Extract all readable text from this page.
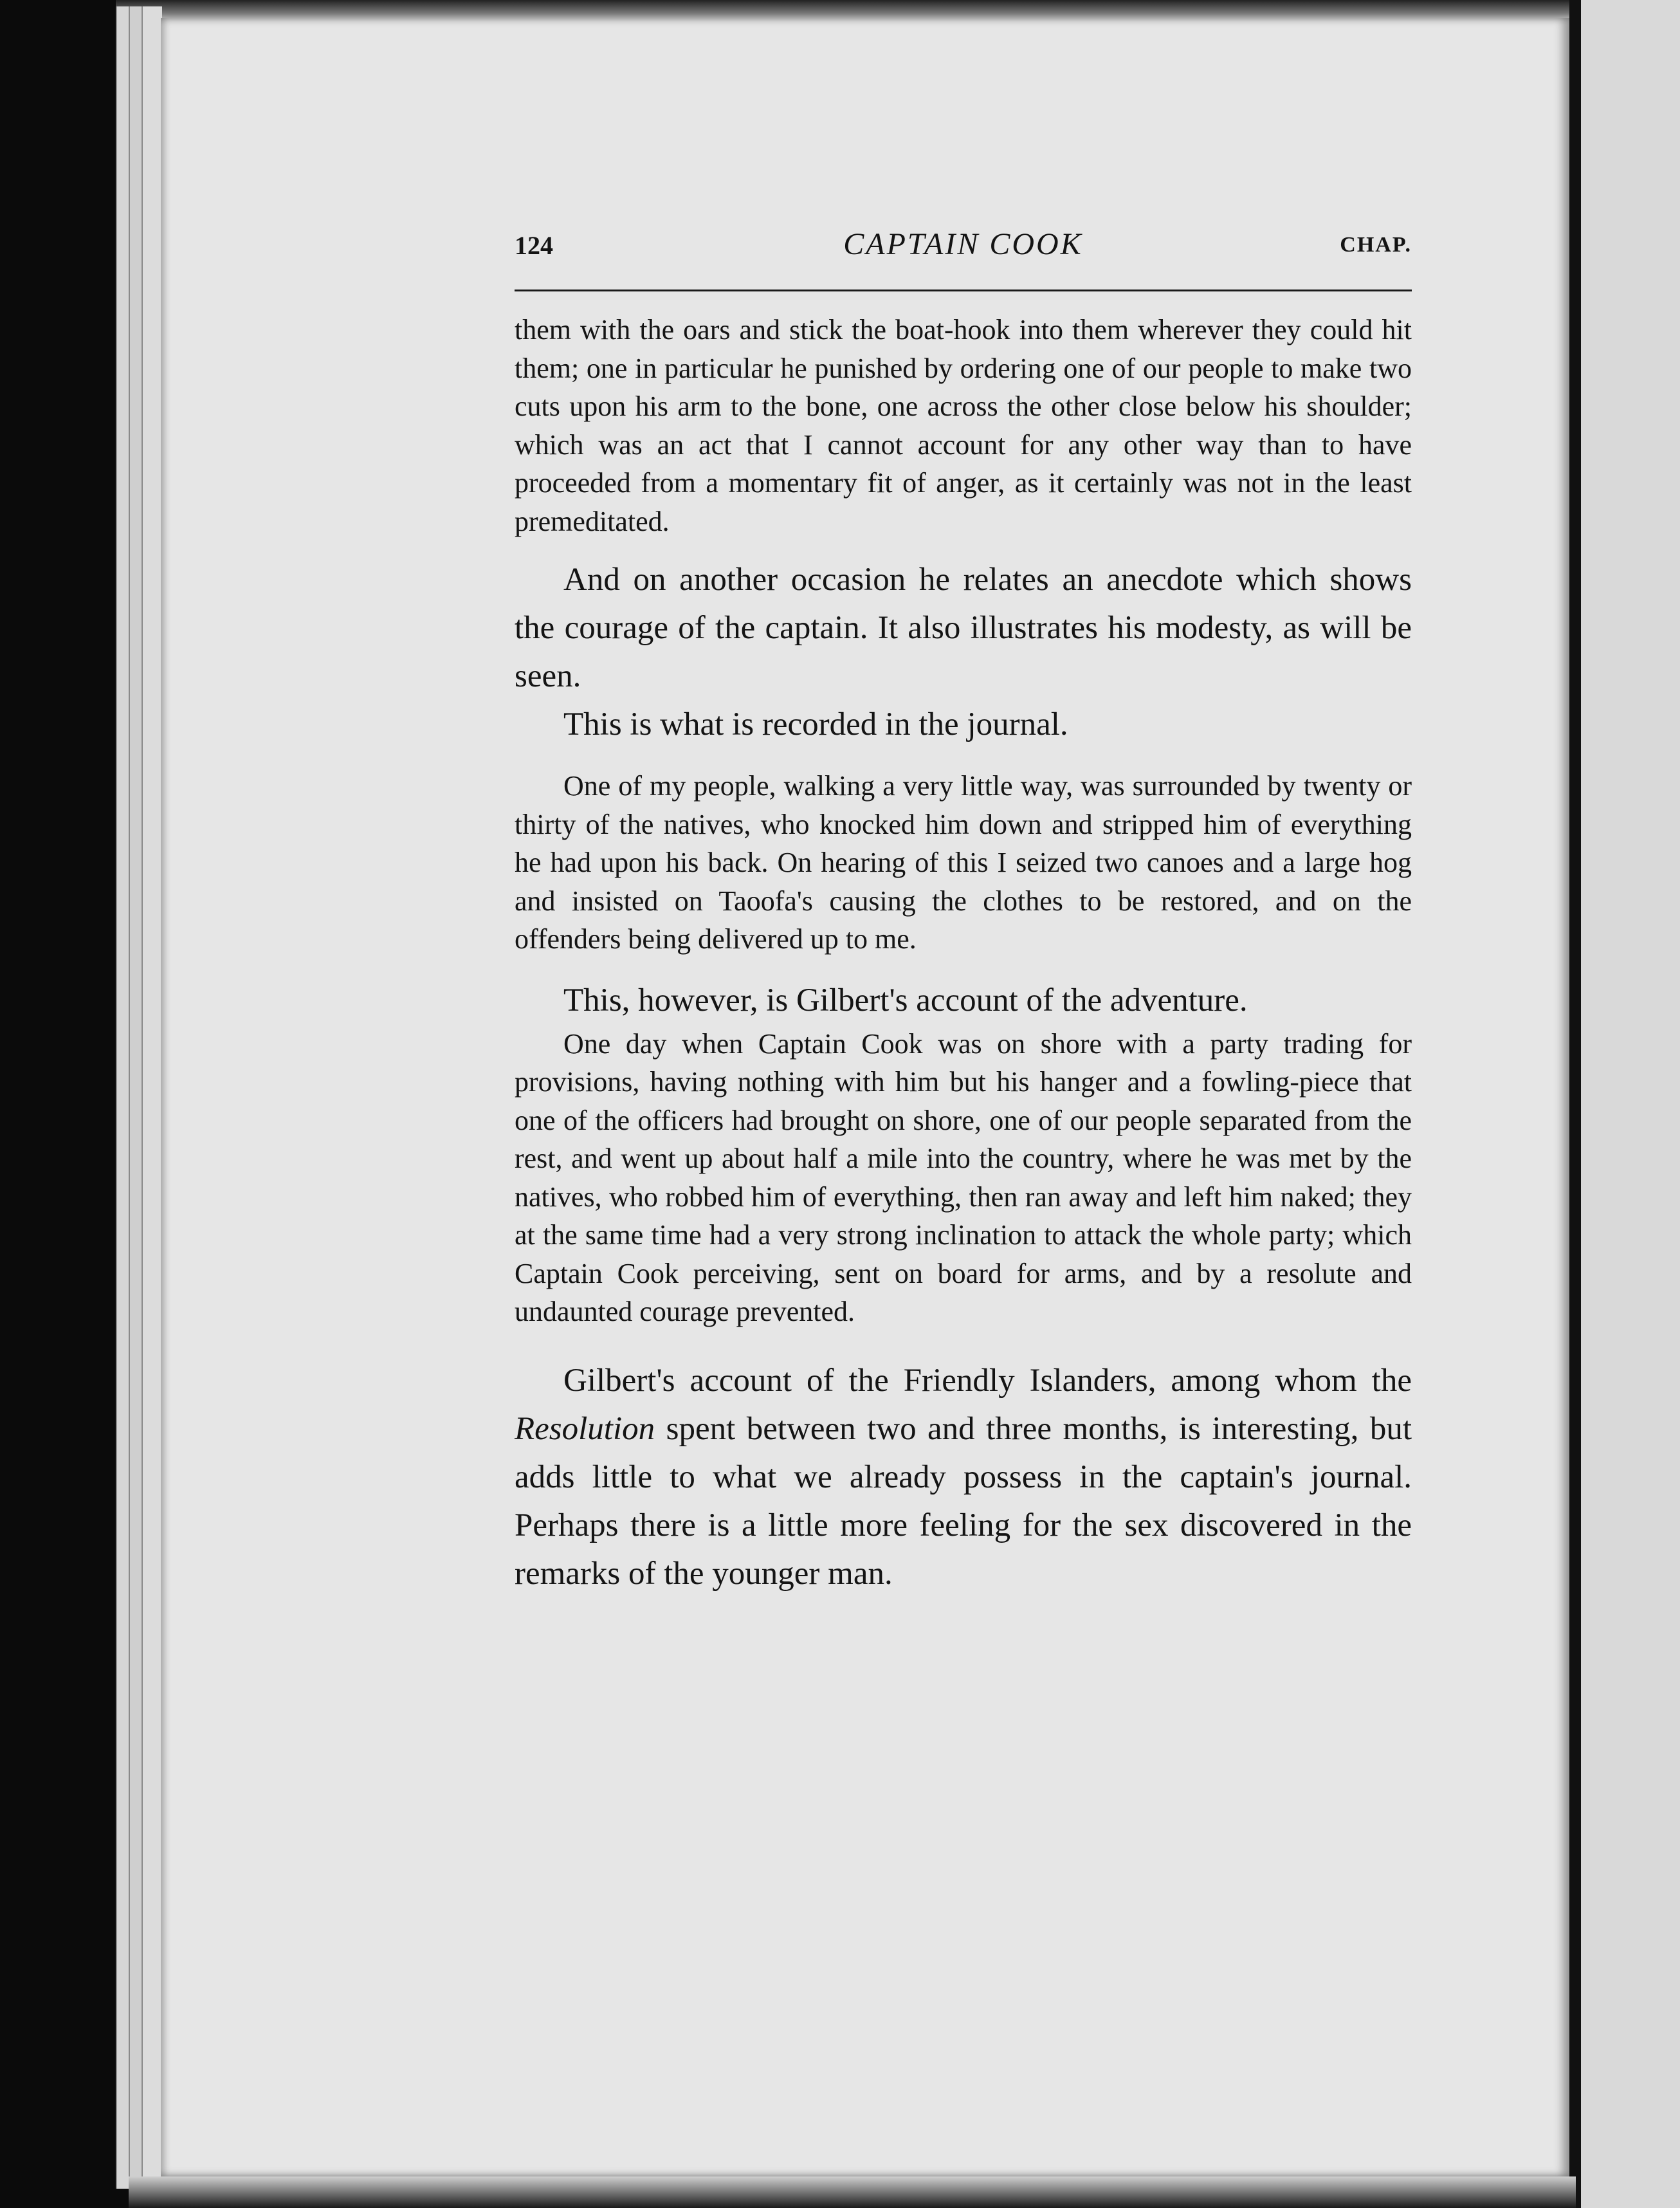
124	CAPTAIN COOK	CHAP.

them with the oars and stick the boat-hook into them wherever they could hit them; one in particular he punished by ordering one of our people to make two cuts upon his arm to the bone, one across the other close below his shoulder; which was an act that I cannot account for any other way than to have proceeded from a momentary fit of anger, as it certainly was not in the least premeditated.

And on another occasion he relates an anecdote which shows the courage of the captain. It also illustrates his modesty, as will be seen.

This is what is recorded in the journal.

One of my people, walking a very little way, was surrounded by twenty or thirty of the natives, who knocked him down and stripped him of everything he had upon his back. On hearing of this I seized two canoes and a large hog and insisted on Taoofa's causing the clothes to be restored, and on the offenders being delivered up to me.

This, however, is Gilbert's account of the adventure.

One day when Captain Cook was on shore with a party trading for provisions, having nothing with him but his hanger and a fowling-piece that one of the officers had brought on shore, one of our people separated from the rest, and went up about half a mile into the country, where he was met by the natives, who robbed him of everything, then ran away and left him naked; they at the same time had a very strong inclination to attack the whole party; which Captain Cook perceiving, sent on board for arms, and by a resolute and undaunted courage prevented.

Gilbert's account of the Friendly Islanders, among whom the Resolution spent between two and three months, is interesting, but adds little to what we already possess in the captain's journal. Perhaps there is a little more feeling for the sex discovered in the remarks of the younger man.
